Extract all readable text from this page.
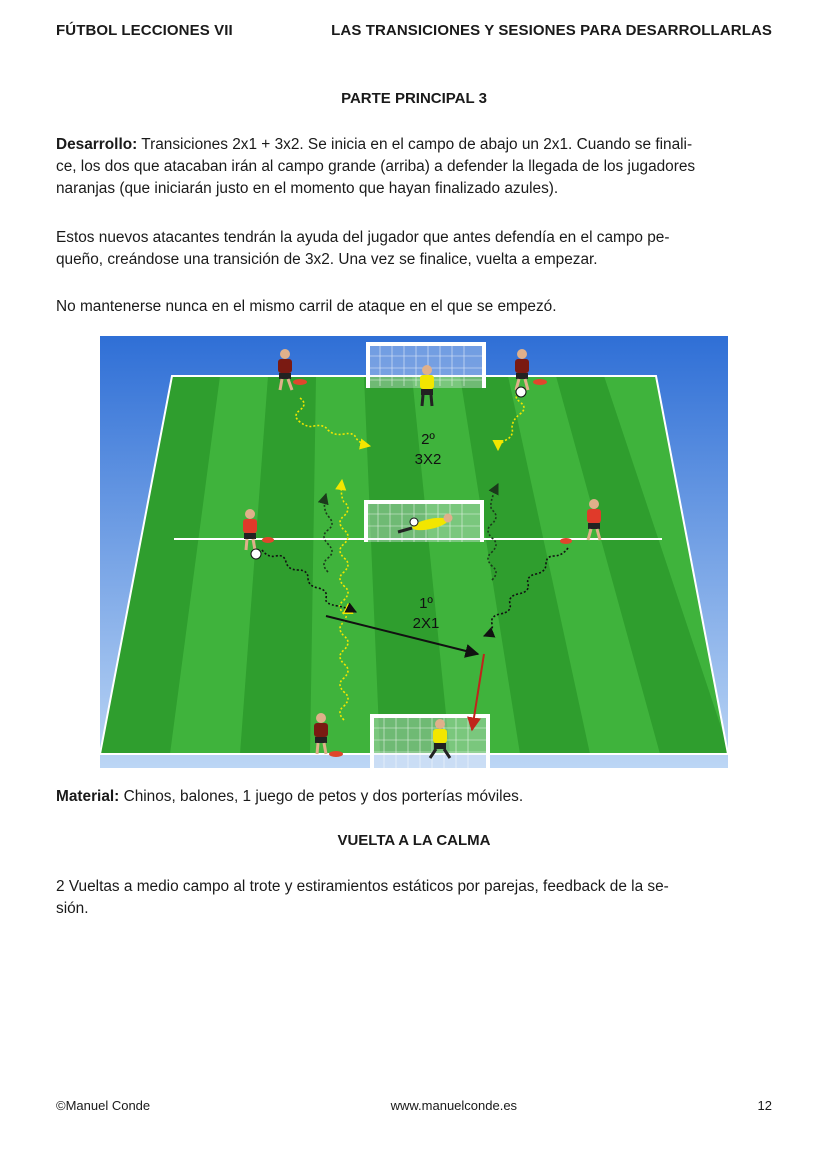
FÚTBOL LECCIONES VII	LAS TRANSICIONES Y SESIONES PARA DESARROLLARLAS
PARTE PRINCIPAL 3
Desarrollo: Transiciones 2x1 + 3x2. Se inicia en el campo de abajo un 2x1. Cuando se finali-
ce, los dos que atacaban irán al campo grande (arriba) a defender la llegada de los jugadores
naranjas (que iniciarán justo en el momento que hayan finalizado azules).
Estos nuevos atacantes tendrán la ayuda del jugador que antes defendía en el campo pe-
queño, creándose una transición de 3x2. Una vez se finalice, vuelta a empezar.
No mantenerse nunca en el mismo carril de ataque en el que se empezó.
2º
3X2
1º
2X1
Material: Chinos, balones, 1 juego de petos y dos porterías móviles.
VUELTA A LA CALMA
2 Vueltas a medio campo al trote y estiramientos estáticos por parejas, feedback de la se-
sión.
©Manuel Conde	www.manuelconde.es	12
